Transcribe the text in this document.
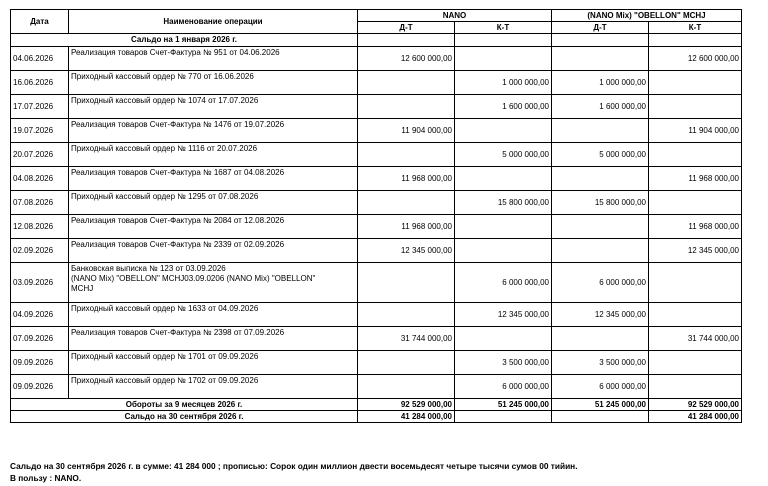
Дата	Наименование операции	NANO		(NANO Mix) "OBELLON" MCHJ	
		Д-Т	К-Т	Д-Т	К-Т
Сальдо на 1 января 2026 г.					
04.06.2026	Реализация товаров Счет-Фактура № 951 от 04.06.2026	12 600 000,00			12 600 000,00
16.06.2026	Приходный кассовый ордер № 770 от 16.06.2026		1 000 000,00	1 000 000,00	
17.07.2026	Приходный кассовый ордер № 1074 от 17.07.2026		1 600 000,00	1 600 000,00	
19.07.2026	Реализация товаров Счет-Фактура № 1476 от 19.07.2026	11 904 000,00			11 904 000,00
20.07.2026	Приходный кассовый ордер № 1116 от 20.07.2026		5 000 000,00	5 000 000,00	
04.08.2026	Реализация товаров Счет-Фактура № 1687 от 04.08.2026	11 968 000,00			11 968 000,00
07.08.2026	Приходный кассовый ордер № 1295 от 07.08.2026		15 800 000,00	15 800 000,00	
12.08.2026	Реализация товаров Счет-Фактура № 2084 от 12.08.2026	11 968 000,00			11 968 000,00
02.09.2026	Реализация товаров Счет-Фактура № 2339 от 02.09.2026	12 345 000,00			12 345 000,00
03.09.2026	Банковская выписка № 123 от 03.09.2026
(NANO Mix) "OBELLON" MCHJ03.09.0206 (NANO Mix) "OBELLON"
MCHJ		6 000 000,00	6 000 000,00	
04.09.2026	Приходный кассовый ордер № 1633 от 04.09.2026		12 345 000,00	12 345 000,00	
07.09.2026	Реализация товаров Счет-Фактура № 2398 от 07.09.2026	31 744 000,00			31 744 000,00
09.09.2026	Приходный кассовый ордер № 1701 от 09.09.2026		3 500 000,00	3 500 000,00	
09.09.2026	Приходный кассовый ордер № 1702 от 09.09.2026		6 000 000,00	6 000 000,00	
Обороты за 9 месяцев 2026 г.		92 529 000,00	51 245 000,00	51 245 000,00	92 529 000,00
Сальдо на 30 сентября 2026 г.		41 284 000,00			41 284 000,00
Сальдо на 30 сентября 2026 г. в сумме: 41 284 000 ; прописью: Сорок один миллион двести восемьдесят четыре тысячи сумов 00 тийин.
В пользу : NANO.
